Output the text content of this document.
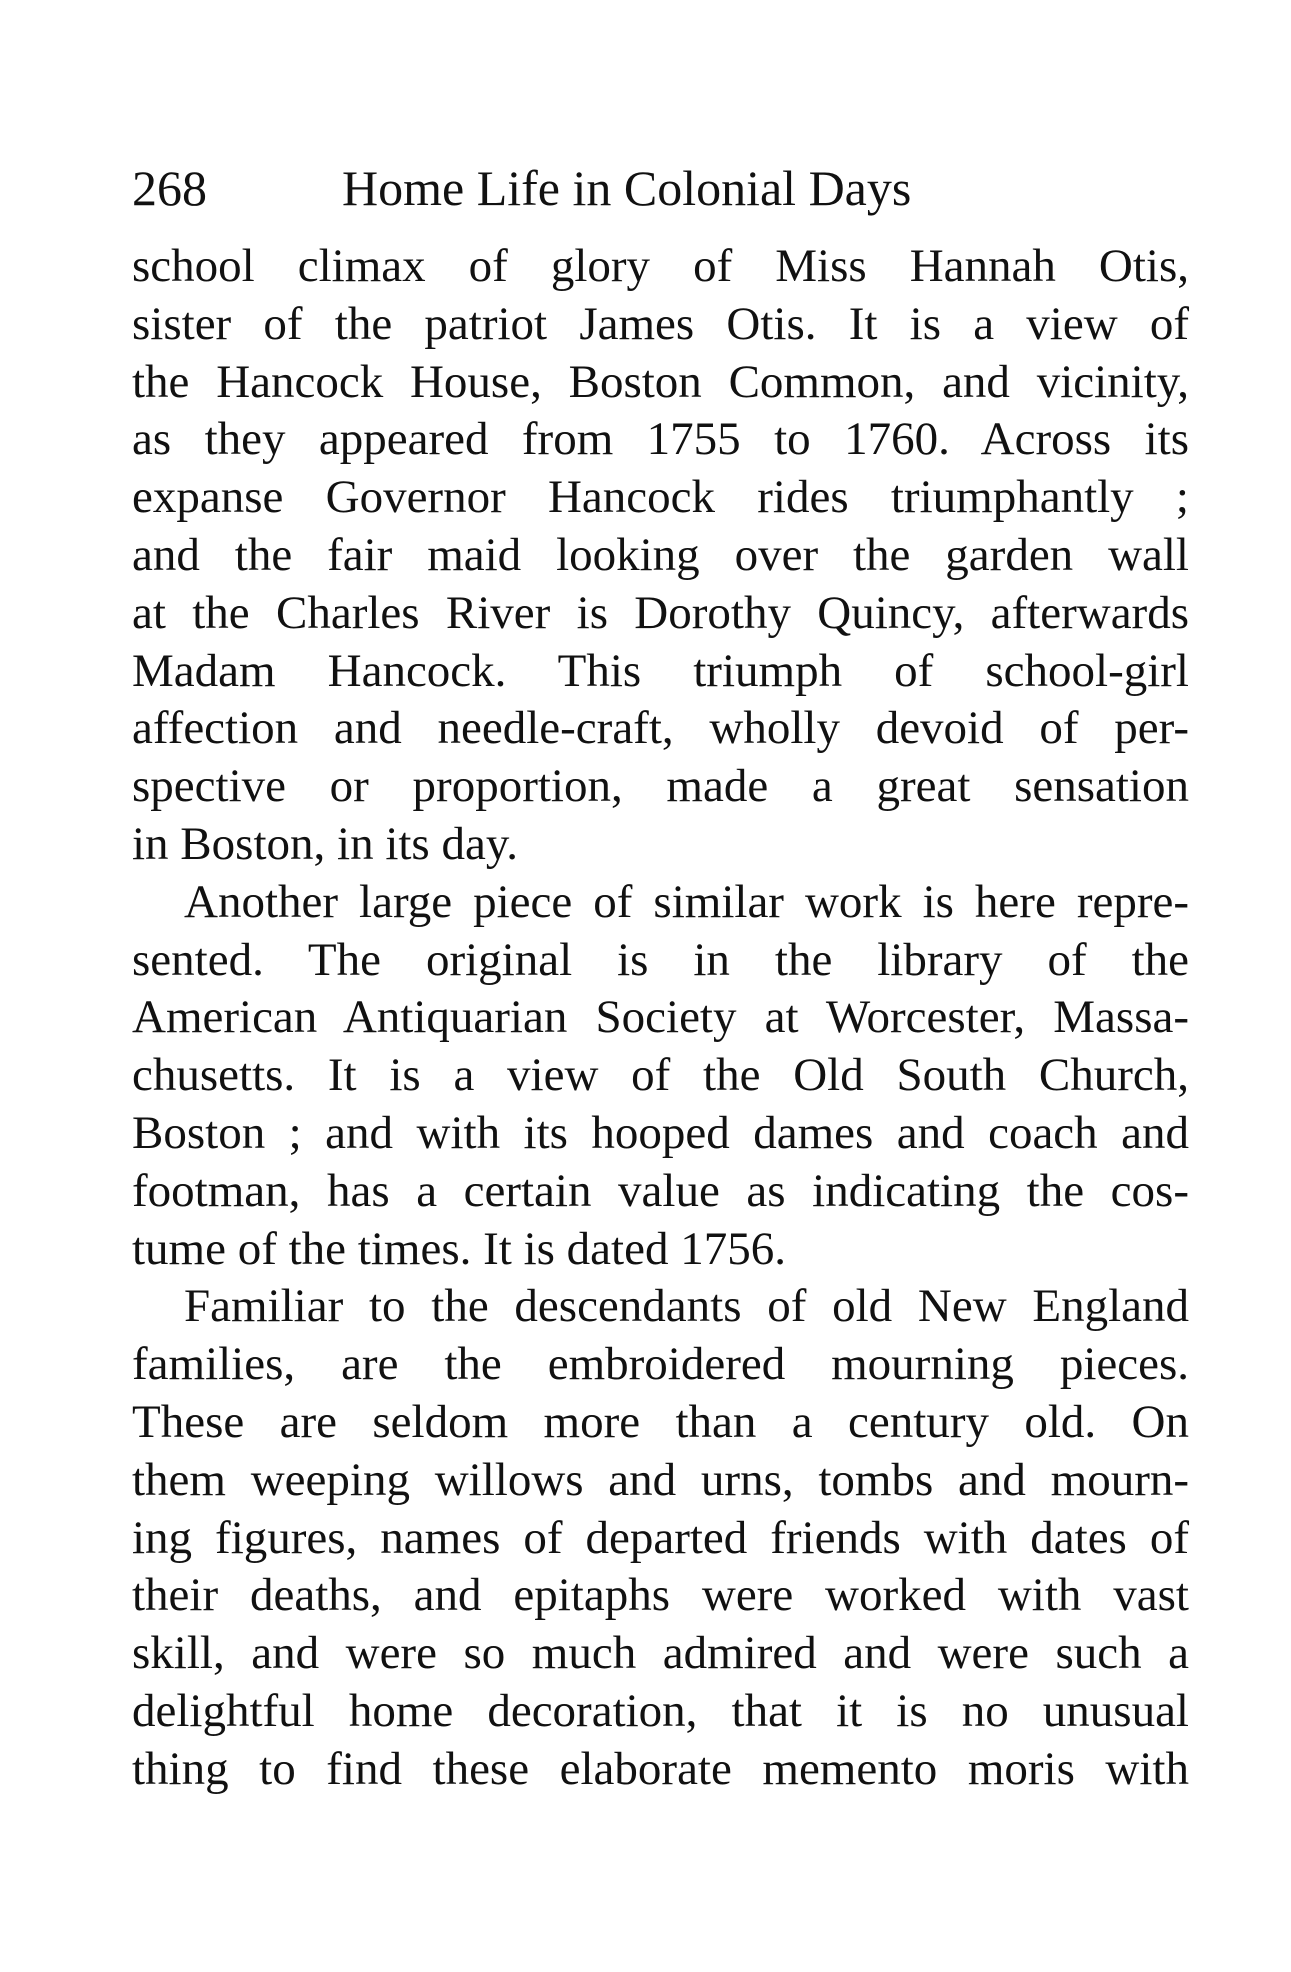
268	Home Life in Colonial Days
school climax of glory of Miss Hannah Otis,
sister of the patriot James Otis. It is a view of
the Hancock House, Boston Common, and vicinity,
as they appeared from 1755 to 1760. Across its
expanse Governor Hancock rides triumphantly ;
and the fair maid looking over the garden wall
at the Charles River is Dorothy Quincy, afterwards
Madam Hancock. This triumph of school-girl
affection and needle-craft, wholly devoid of per-
spective or proportion, made a great sensation
in Boston, in its day.
Another large piece of similar work is here repre-
sented. The original is in the library of the
American Antiquarian Society at Worcester, Massa-
chusetts. It is a view of the Old South Church,
Boston ; and with its hooped dames and coach and
footman, has a certain value as indicating the cos-
tume of the times. It is dated 1756.
Familiar to the descendants of old New England
families, are the embroidered mourning pieces.
These are seldom more than a century old. On
them weeping willows and urns, tombs and mourn-
ing figures, names of departed friends with dates of
their deaths, and epitaphs were worked with vast
skill, and were so much admired and were such a
delightful home decoration, that it is no unusual
thing to find these elaborate memento moris with
